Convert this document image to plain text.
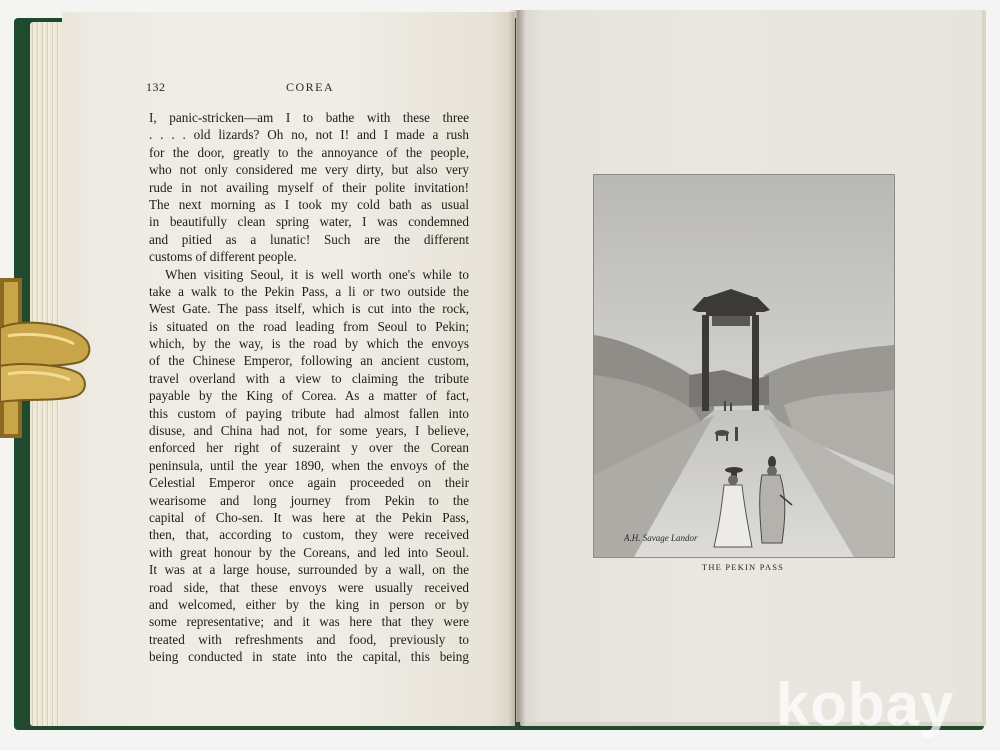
132	COREA
I, panic-stricken—am I to bathe with these three
. . . . old lizards? Oh no, not I! and I made a rush
for the door, greatly to the annoyance of the people,
who not only considered me very dirty, but also very
rude in not availing myself of their polite invitation!
The next morning as I took my cold bath as usual
in beautifully clean spring water, I was condemned
and pitied as a lunatic! Such are the different
customs of different people.
When visiting Seoul, it is well worth one's while to
take a walk to the Pekin Pass, a li or two outside the
West Gate. The pass itself, which is cut into the rock,
is situated on the road leading from Seoul to Pekin;
which, by the way, is the road by which the envoys
of the Chinese Emperor, following an ancient custom,
travel overland with a view to claiming the tribute
payable by the King of Corea. As a matter of fact,
this custom of paying tribute had almost fallen into
disuse, and China had not, for some years, I believe,
enforced her right of suzeraint y over the Corean
peninsula, until the year 1890, when the envoys of the
Celestial Emperor once again proceeded on their
wearisome and long journey from Pekin to the
capital of Cho-sen. It was here at the Pekin Pass,
then, that, according to custom, they were received
with great honour by the Coreans, and led into Seoul.
It was at a large house, surrounded by a wall, on the
road side, that these envoys were usually received
and welcomed, either by the king in person or by
some representative; and it was here that they were
treated with refreshments and food, previously to
being conducted in state into the capital, this being
A.H. Savage Landor
THE PEKIN PASS
kobay
